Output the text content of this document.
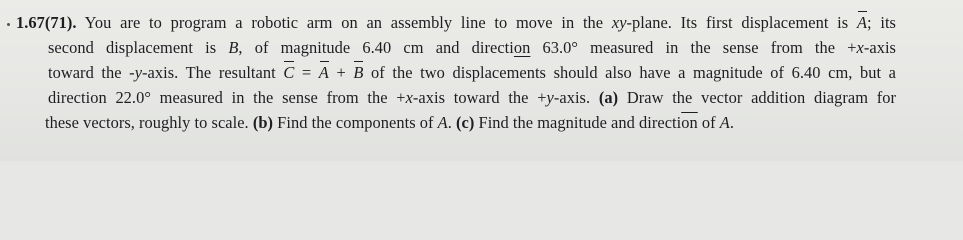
1.67(71). You are to program a robotic arm on an assembly line to move in the xy-plane. Its first displacement is A; its
second displacement is B, of magnitude 6.40 cm and direction 63.0° measured in the sense from the +x-axis
toward the -y-axis. The resultant C = A + B of the two displacements should also have a magnitude of 6.40 cm, but a
direction 22.0° measured in the sense from the +x-axis toward the +y-axis. (a) Draw the vector addition diagram for
these vectors, roughly to scale. (b) Find the components of A. (c) Find the magnitude and $directi\overline{on}$ of A.
